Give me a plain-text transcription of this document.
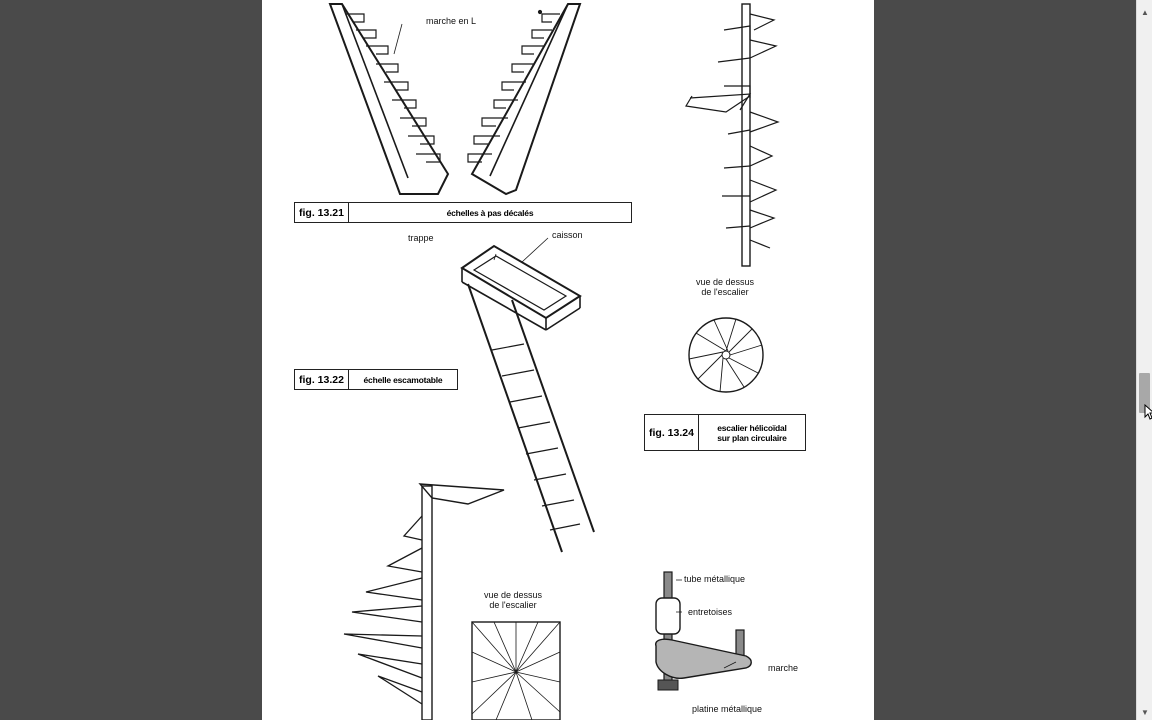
marche en L
trappe	caisson
vue de dessus
de l'escalier
vue de dessus
de l'escalier
tube métallique
entretoises
marche
platine métallique
fig. 13.21	échelles à pas décalés
fig. 13.22	échelle escamotable
fig. 13.24	escalier hélicoïdal
sur plan circulaire
▲
▼
